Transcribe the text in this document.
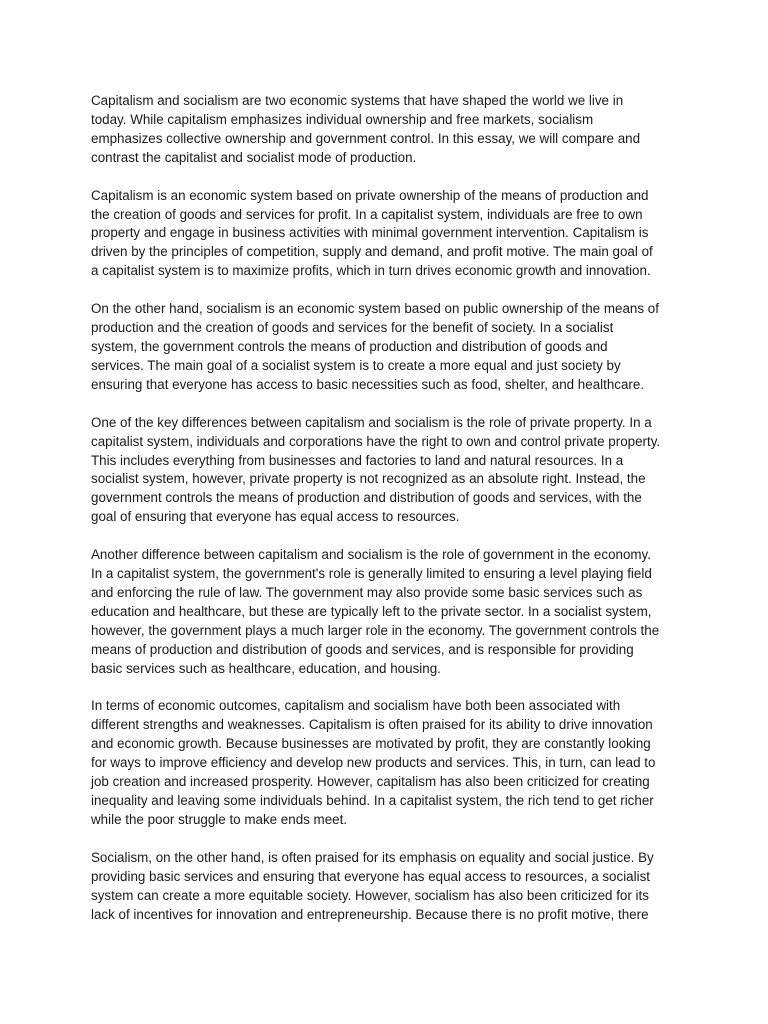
Capitalism and socialism are two economic systems that have shaped the world we live in
today. While capitalism emphasizes individual ownership and free markets, socialism
emphasizes collective ownership and government control. In this essay, we will compare and
contrast the capitalist and socialist mode of production.

Capitalism is an economic system based on private ownership of the means of production and
the creation of goods and services for profit. In a capitalist system, individuals are free to own
property and engage in business activities with minimal government intervention. Capitalism is
driven by the principles of competition, supply and demand, and profit motive. The main goal of
a capitalist system is to maximize profits, which in turn drives economic growth and innovation.

On the other hand, socialism is an economic system based on public ownership of the means of
production and the creation of goods and services for the benefit of society. In a socialist
system, the government controls the means of production and distribution of goods and
services. The main goal of a socialist system is to create a more equal and just society by
ensuring that everyone has access to basic necessities such as food, shelter, and healthcare.

One of the key differences between capitalism and socialism is the role of private property. In a
capitalist system, individuals and corporations have the right to own and control private property.
This includes everything from businesses and factories to land and natural resources. In a
socialist system, however, private property is not recognized as an absolute right. Instead, the
government controls the means of production and distribution of goods and services, with the
goal of ensuring that everyone has equal access to resources.

Another difference between capitalism and socialism is the role of government in the economy.
In a capitalist system, the government's role is generally limited to ensuring a level playing field
and enforcing the rule of law. The government may also provide some basic services such as
education and healthcare, but these are typically left to the private sector. In a socialist system,
however, the government plays a much larger role in the economy. The government controls the
means of production and distribution of goods and services, and is responsible for providing
basic services such as healthcare, education, and housing.

In terms of economic outcomes, capitalism and socialism have both been associated with
different strengths and weaknesses. Capitalism is often praised for its ability to drive innovation
and economic growth. Because businesses are motivated by profit, they are constantly looking
for ways to improve efficiency and develop new products and services. This, in turn, can lead to
job creation and increased prosperity. However, capitalism has also been criticized for creating
inequality and leaving some individuals behind. In a capitalist system, the rich tend to get richer
while the poor struggle to make ends meet.

Socialism, on the other hand, is often praised for its emphasis on equality and social justice. By
providing basic services and ensuring that everyone has equal access to resources, a socialist
system can create a more equitable society. However, socialism has also been criticized for its
lack of incentives for innovation and entrepreneurship. Because there is no profit motive, there
